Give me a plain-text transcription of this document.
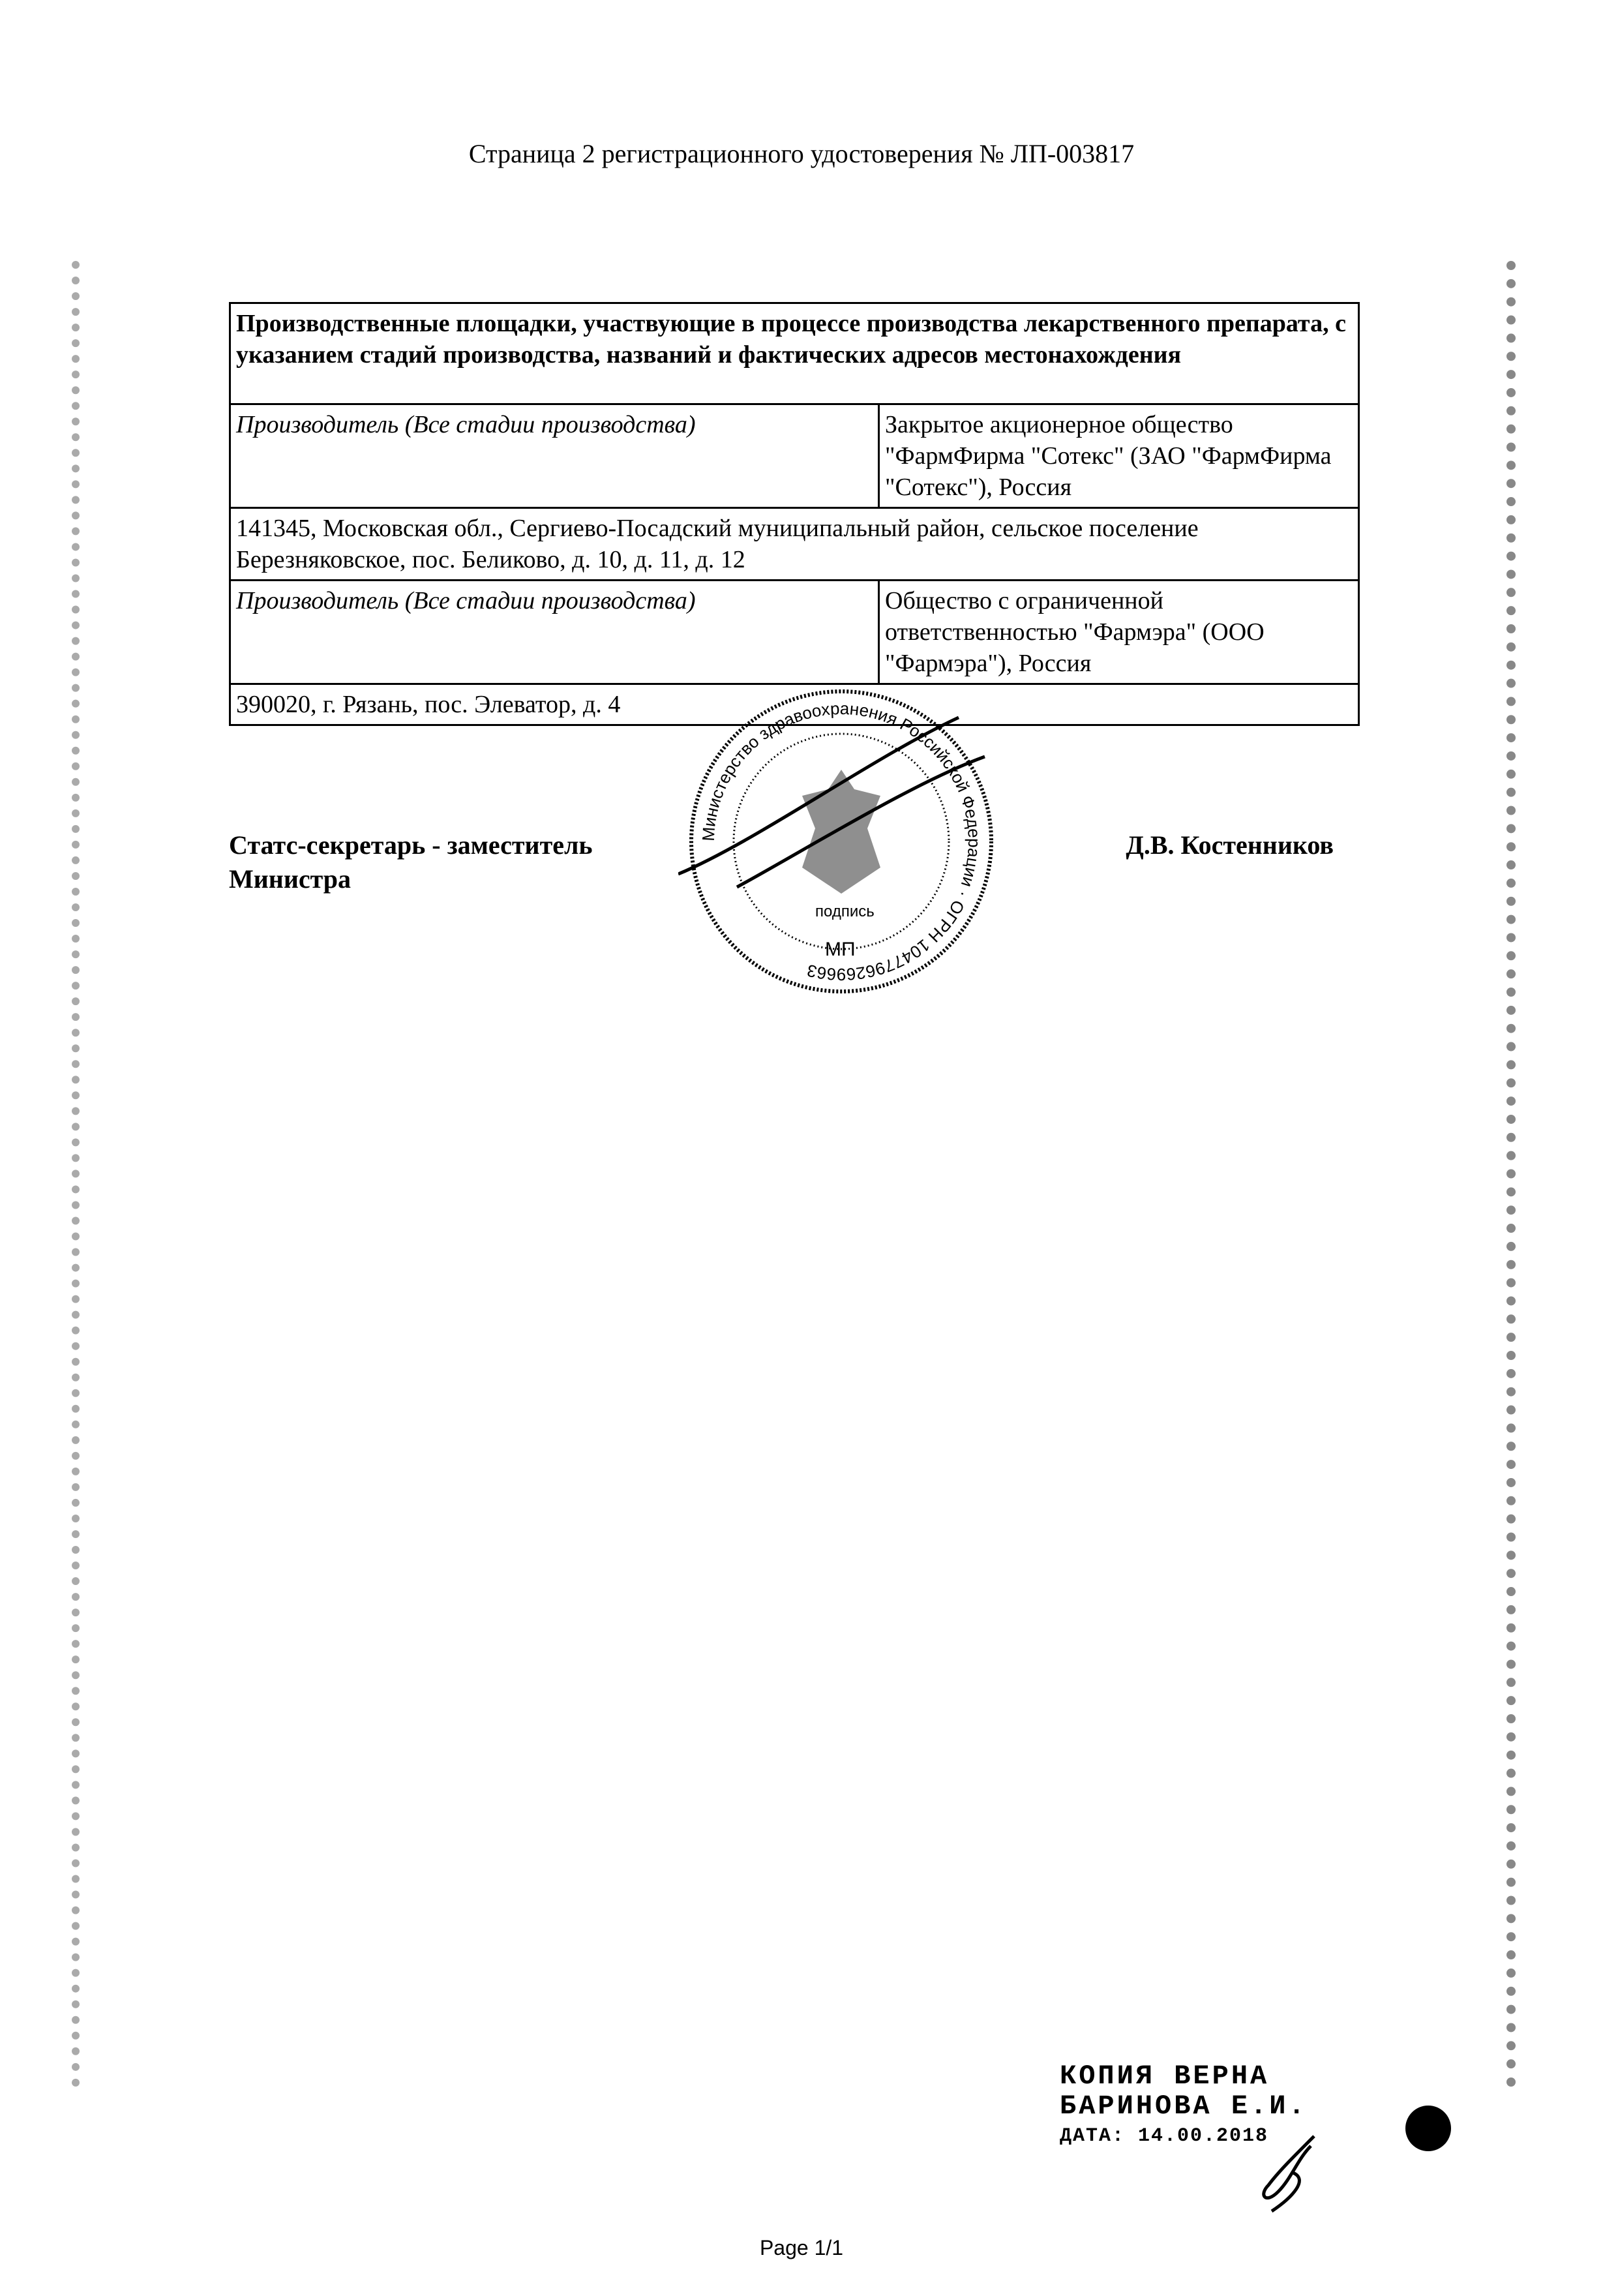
Страница 2 регистрационного удостоверения № ЛП-003817
Производственные площадки, участвующие в процессе производства лекарственного препарата, с указанием стадий производства, названий и фактических адресов местонахождения	
Производитель (Все стадии производства)	Закрытое акционерное общество "ФармФирма "Сотекс" (ЗАО "ФармФирма "Сотекс"), Россия
141345, Московская обл., Сергиево-Посадский муниципальный район, сельское поселение Березняковское, пос. Беликово, д. 10, д. 11, д. 12	
Производитель (Все стадии производства)	Общество с ограниченной ответственностью "Фармэра" (ООО "Фармэра"), Россия
390020, г. Рязань, пос. Элеватор, д. 4	
Статс-секретарь - заместитель
Министра
Д.В. Костенников
Министерство здравоохранения Российской Федерации · ОГРН 1047796269663
подпись
МП
КОПИЯ ВЕРНА
БАРИНОВА Е.И.
ДАТА: 14.00.2018
Page 1/1
